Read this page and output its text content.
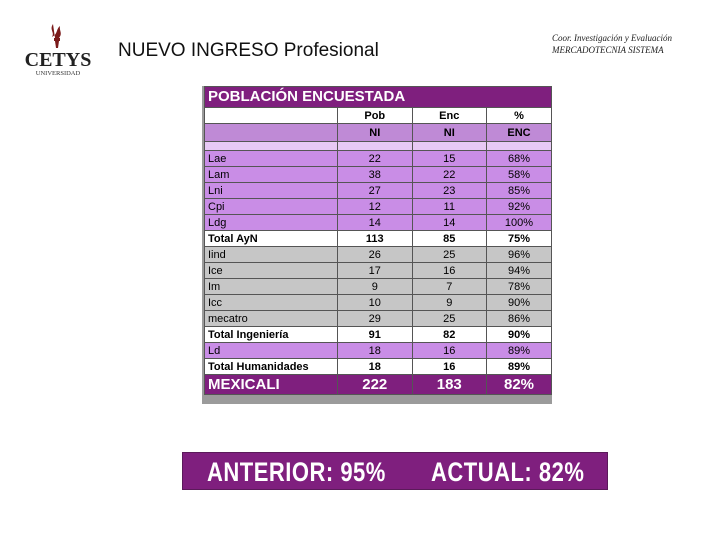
CETYS
UNIVERSIDAD
NUEVO INGRESO Profesional
Coor. Investigación y Evaluación
MERCADOTECNIA SISTEMA
POBLACIÓN ENCUESTADA			
	Pob	Enc	%
	NI	NI	ENC

Lae	22	15	68%
Lam	38	22	58%
Lni	27	23	85%
Cpi	12	11	92%
Ldg	14	14	100%
Total AyN	113	85	75%
Iind	26	25	96%
Ice	17	16	94%
Im	9	7	78%
Icc	10	9	90%
mecatro	29	25	86%
Total Ingeniería	91	82	90%
Ld	18	16	89%
Total Humanidades	18	16	89%
MEXICALI	222	183	82%
ANTERIOR: 95% ACTUAL: 82%
